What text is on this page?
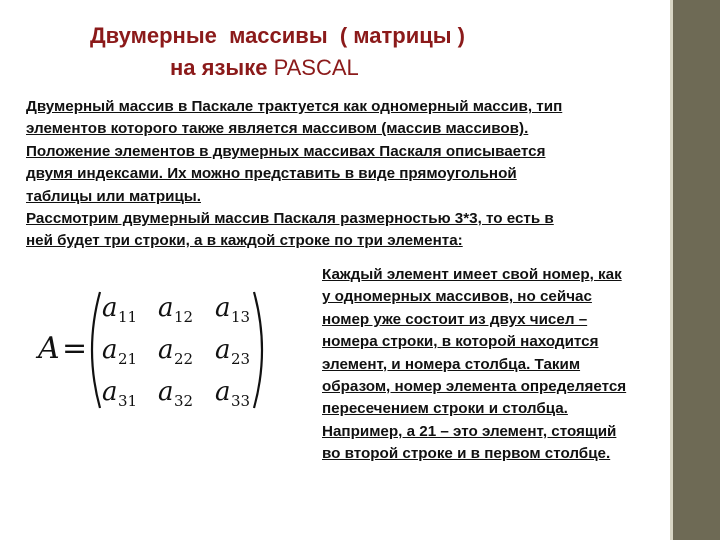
Двумерные  массивы  ( матрицы )
на языке PASCAL

Двумерный массив в Паскале трактуется как одномерный массив, тип
элементов которого также является массивом (массив массивов).
Положение элементов в двумерных массивах Паскаля описывается
двумя индексами. Их можно представить в виде прямоугольной
таблицы или матрицы.
Рассмотрим двумерный массив Паскаля размерностью 3*3, то есть в
ней будет три строки, а в каждой строке по три элемента:

A =
a 11 a 12 a 13
a 21 a 22 a 23
a 31 a 32 a 33

Каждый элемент имеет свой номер, как
у одномерных массивов, но сейчас
номер уже состоит из двух чисел –
номера строки, в которой находится
элемент, и номера столбца. Таким
образом, номер элемента определяется
пересечением строки и столбца.
Например, а 21 – это элемент, стоящий
во второй строке и в первом столбце.
